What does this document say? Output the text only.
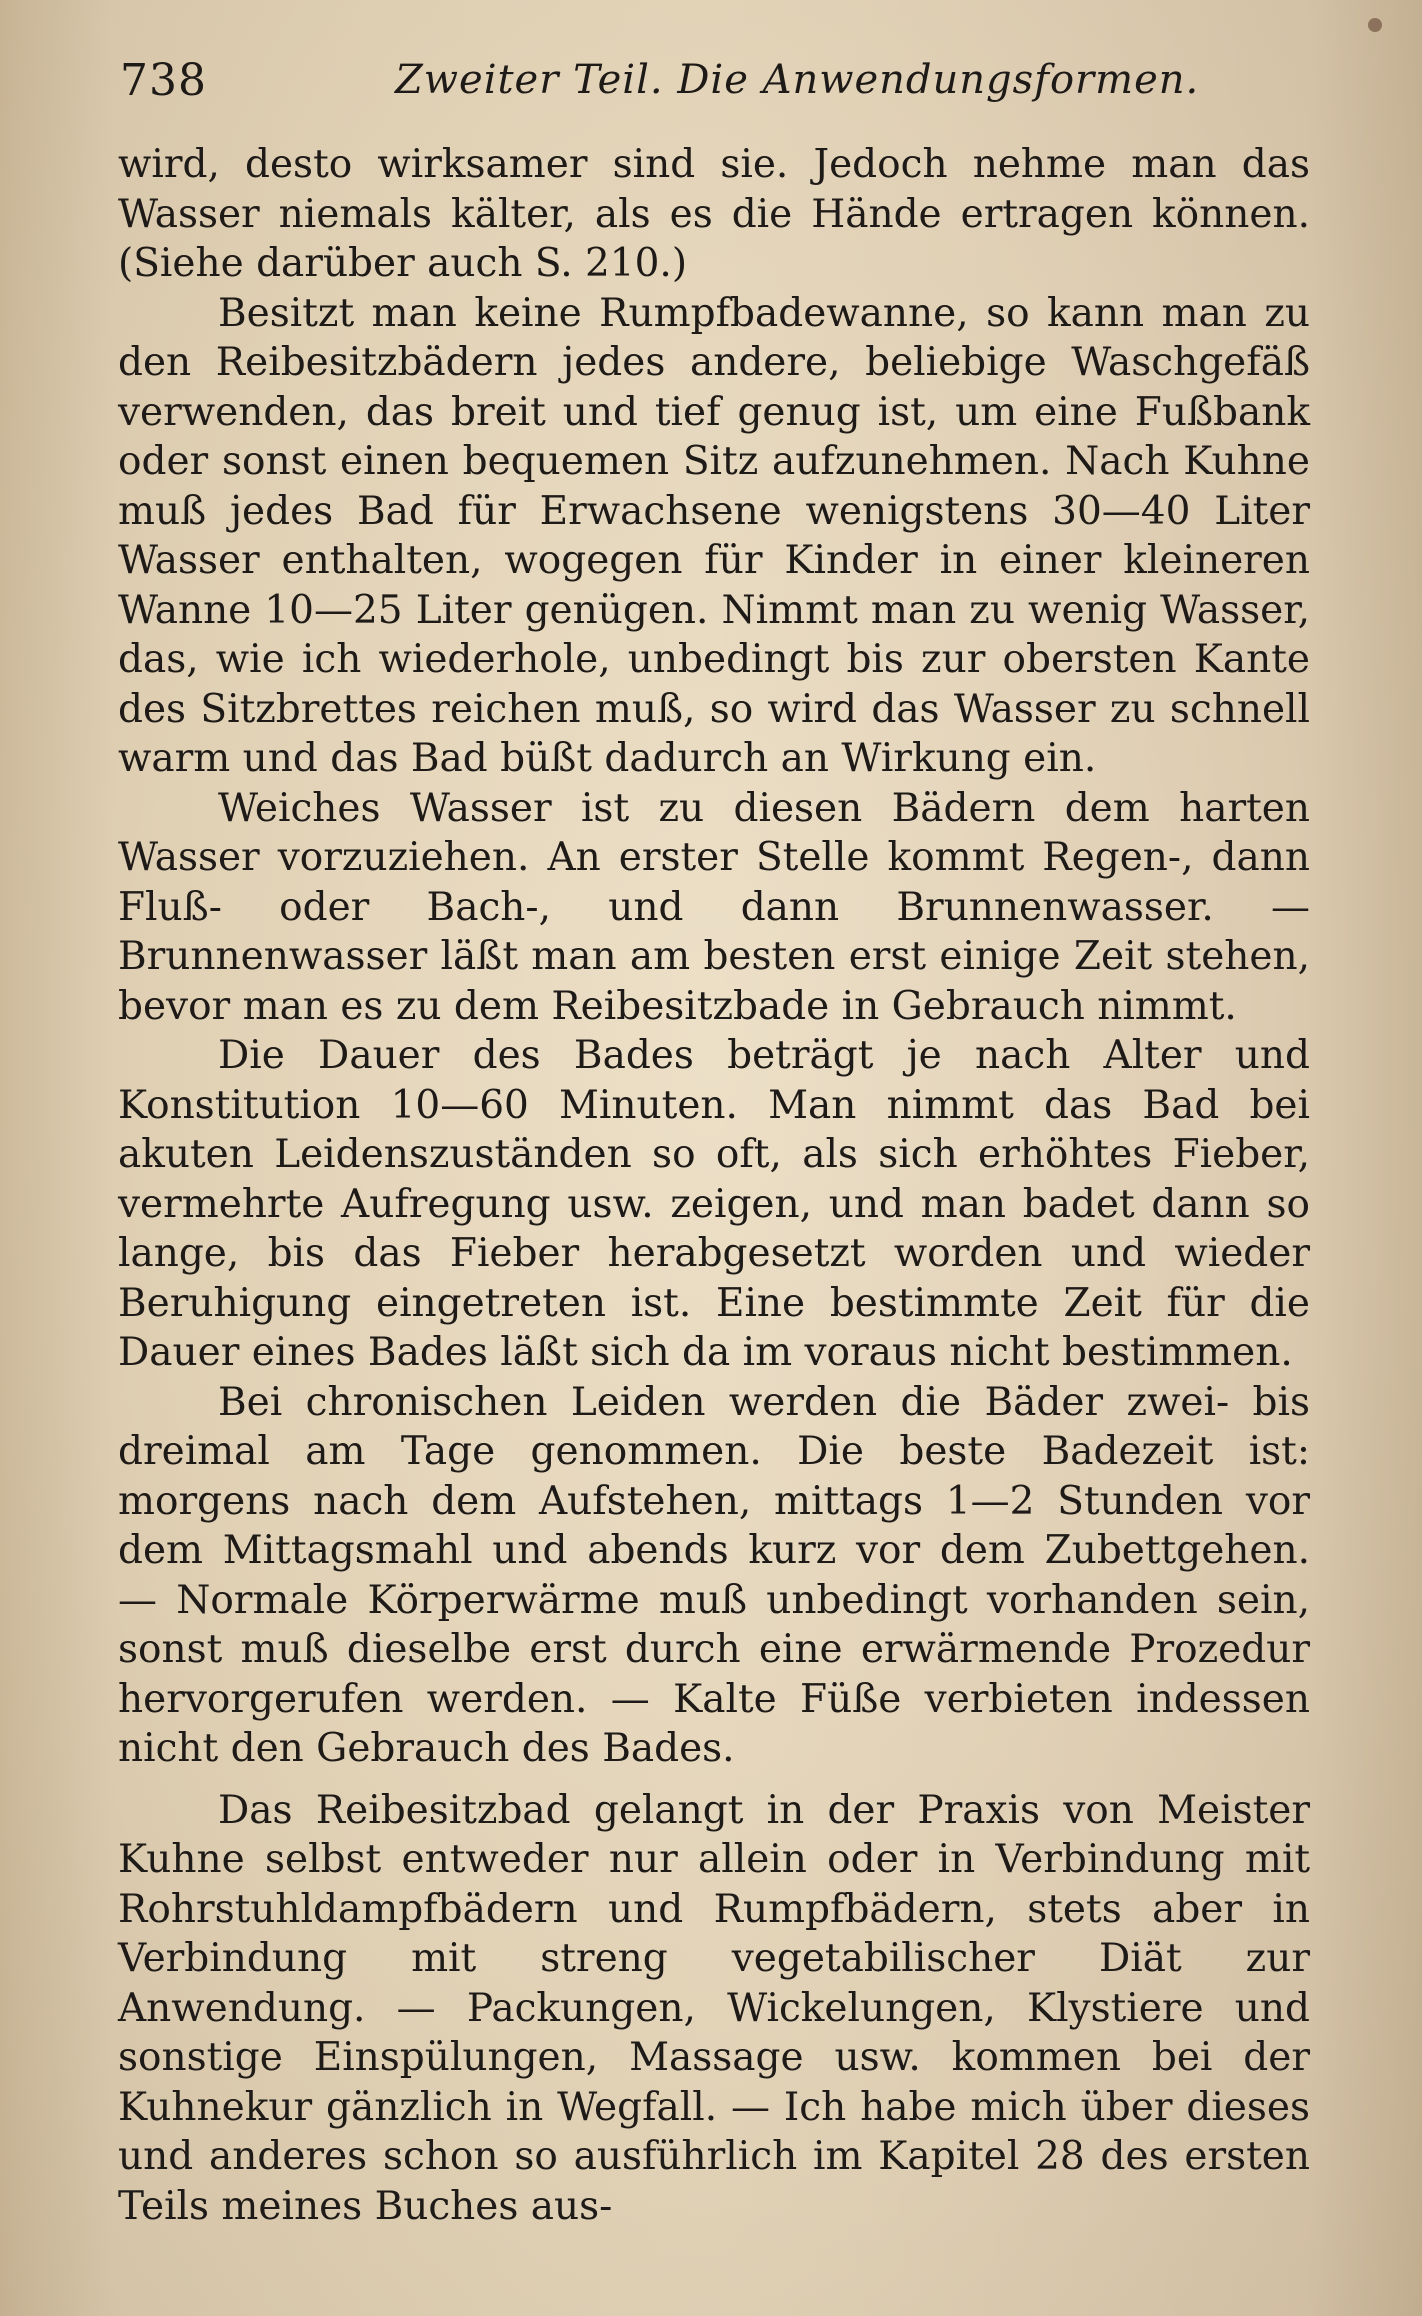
738	Zweiter Teil. Die Anwendungsformen.

wird, desto wirksamer sind sie. Jedoch nehme man das Wasser niemals kälter, als es die Hände ertragen können. (Siehe darüber auch S. 210.)

Besitzt man keine Rumpfbadewanne, so kann man zu den Reibesitzbädern jedes andere, beliebige Waschgefäß verwenden, das breit und tief genug ist, um eine Fußbank oder sonst einen bequemen Sitz aufzunehmen. Nach Kuhne muß jedes Bad für Erwachsene wenigstens 30—40 Liter Wasser enthalten, wogegen für Kinder in einer kleineren Wanne 10—25 Liter genügen. Nimmt man zu wenig Wasser, das, wie ich wiederhole, unbedingt bis zur obersten Kante des Sitzbrettes reichen muß, so wird das Wasser zu schnell warm und das Bad büßt dadurch an Wirkung ein.

Weiches Wasser ist zu diesen Bädern dem harten Wasser vorzuziehen. An erster Stelle kommt Regen-, dann Fluß- oder Bach-, und dann Brunnenwasser. — Brunnenwasser läßt man am besten erst einige Zeit stehen, bevor man es zu dem Reibesitzbade in Gebrauch nimmt.

Die Dauer des Bades beträgt je nach Alter und Konstitution 10—60 Minuten. Man nimmt das Bad bei akuten Leidenszuständen so oft, als sich erhöhtes Fieber, vermehrte Aufregung usw. zeigen, und man badet dann so lange, bis das Fieber herabgesetzt worden und wieder Beruhigung eingetreten ist. Eine bestimmte Zeit für die Dauer eines Bades läßt sich da im voraus nicht bestimmen.

Bei chronischen Leiden werden die Bäder zwei- bis dreimal am Tage genommen. Die beste Badezeit ist: morgens nach dem Aufstehen, mittags 1—2 Stunden vor dem Mittagsmahl und abends kurz vor dem Zubettgehen. — Normale Körperwärme muß unbedingt vorhanden sein, sonst muß dieselbe erst durch eine erwärmende Prozedur hervorgerufen werden. — Kalte Füße verbieten indessen nicht den Gebrauch des Bades.

Das Reibesitzbad gelangt in der Praxis von Meister Kuhne selbst entweder nur allein oder in Verbindung mit Rohrstuhldampfbädern und Rumpfbädern, stets aber in Verbindung mit streng vegetabilischer Diät zur Anwendung. — Packungen, Wickelungen, Klystiere und sonstige Einspülungen, Massage usw. kommen bei der Kuhnekur gänzlich in Wegfall. — Ich habe mich über dieses und anderes schon so ausführlich im Kapitel 28 des ersten Teils meines Buches aus-
